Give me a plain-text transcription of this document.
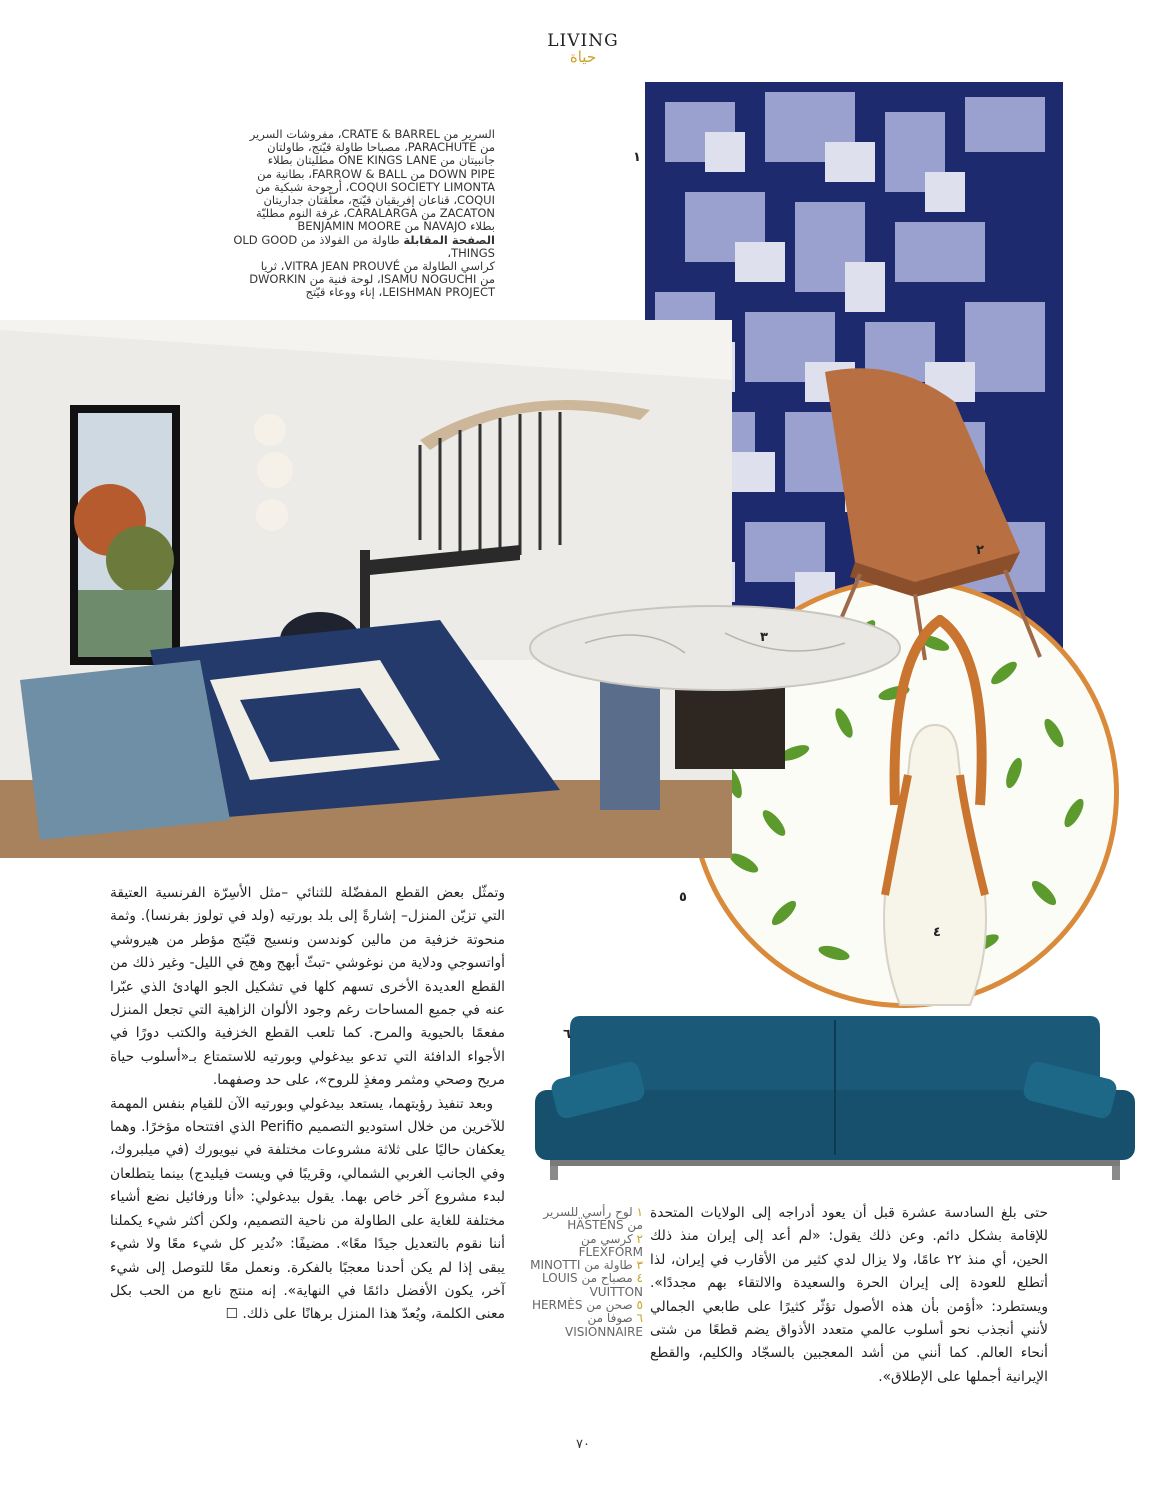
LIVING
حياة
السرير من CRATE & BARREL، مفروشات السرير
من PARACHUTE، مصباحا طاولة قيّتج، طاولتان
جانبيتان من ONE KINGS LANE مطليتان بطلاء
DOWN PIPE من FARROW & BALL، بطانية من
COQUI SOCIETY LIMONTA، أرجوحة شبكية من
COQUI، قناعان إفريقيان قيّتج، معلّقتان جداريتان
ZACATON من CARALARGA، غرفة النوم مطليّة
بطلاء NAVAJO من BENJAMIN MOORE
الصفحة المقابلة طاولة من الفولاذ من OLD GOOD THINGS،
كراسي الطاولة من VITRA JEAN PROUVÉ، ثريا
من ISAMU NOGUCHI، لوحة فنية من DWORKIN
LEISHMAN PROJECT، إناء ووعاء قيّتج
١
٢
٣
٤
٥
٦

وتمثّل بعض القطع المفضّلة للثنائي –مثل الأسِرّة الفرنسية العتيقة التي تزيّن المنزل– إشارةً إلى بلد بورتيه (ولد في تولوز بفرنسا). وثمة منحوتة خزفية من مالين كوندسن ونسيج قيّتج مؤطر من هيروشي أواتسوجي ودلاية من نوغوشي -تبثّ أبهج وهج في الليل- وغير ذلك من القطع العديدة الأخرى تسهم كلها في تشكيل الجو الهادئ الذي عبّرا عنه في جميع المساحات رغم وجود الألوان الزاهية التي تجعل المنزل مفعمًا بالحيوية والمرح. كما تلعب القطع الخزفية والكتب دورًا في الأجواء الدافئة التي تدعو بيدغولي وبورتيه للاستمتاع بـ«أسلوب حياة مريح وصحي ومثمر ومغذٍ للروح»، على حد وصفهما.

وبعد تنفيذ رؤيتهما، يستعد بيدغولي وبورتيه الآن للقيام بنفس المهمة للآخرين من خلال استوديو التصميم Perifio الذي افتتحاه مؤخرًا. وهما يعكفان حاليًا على ثلاثة مشروعات مختلفة في نيويورك (في ميلبروك، وفي الجانب الغربي الشمالي، وقريبًا في ويست فيليدج) بينما يتطلعان لبدء مشروع آخر خاص بهما. يقول بيدغولي: «أنا ورفائيل نضع أشياء مختلفة للغاية على الطاولة من ناحية التصميم، ولكن أكثر شيء يكملنا أننا نقوم بالتعديل جيدًا معًا». مضيفًا: «نُدير كل شيء معًا ولا شيء يبقى إذا لم يكن أحدنا معجبًا بالفكرة. ونعمل معًا للتوصل إلى شيء آخر، يكون الأفضل دائمًا في النهاية». إنه منتج نابع من الحب بكل معنى الكلمة، ويُعدّ هذا المنزل برهانًا على ذلك. ☐

١ لوح رأسي للسرير من HÄSTENS
٢ كرسي من FLEXFORM
٣ طاولة من MINOTTI
٤ مصباح من LOUIS VUITTON
٥ صحن من HERMÈS
٦ صوفا من VISIONNAIRE

حتى بلغ السادسة عشرة قبل أن يعود أدراجه إلى الولايات المتحدة للإقامة بشكل دائم. وعن ذلك يقول: «لم أعد إلى إيران منذ ذلك الحين، أي منذ ٢٢ عامًا، ولا يزال لدي كثير من الأقارب في إيران، لذا أتطلع للعودة إلى إيران الحرة والسعيدة والالتقاء بهم مجددًا». ويستطرد: «أؤمن بأن هذه الأصول تؤثّر كثيرًا على طابعي الجمالي لأنني أنجذب نحو أسلوب عالمي متعدد الأذواق يضم قطعًا من شتى أنحاء العالم. كما أنني من أشد المعجبين بالسجّاد والكليم، والقطع الإيرانية أجملها على الإطلاق».

٧٠
